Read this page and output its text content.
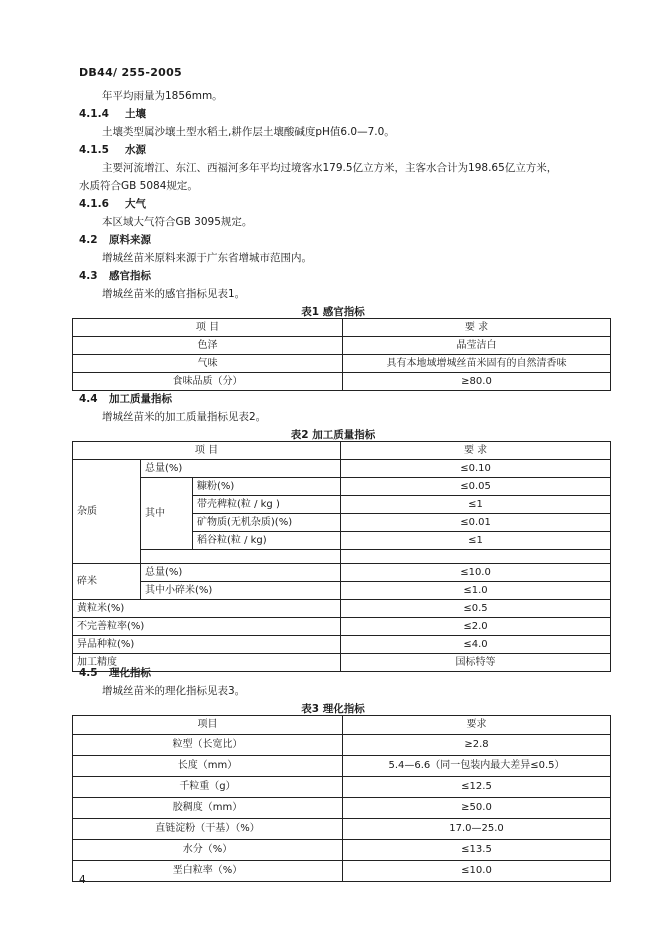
DB44/ 255-2005
年平均雨量为1856mm。
4.1.4 土壤
土壤类型属沙壤土型水稻土,耕作层土壤酸碱度pH值6.0—7.0。
4.1.5 水源
主要河流增江、东江、西福河多年平均过境客水179.5亿立方米，主客水合计为198.65亿立方米，
水质符合GB 5084规定。
4.1.6 大气
本区域大气符合GB 3095规定。
4.2 原料来源
增城丝苗米原料来源于广东省增城市范围内。
4.3 感官指标
增城丝苗米的感官指标见表1。
表1 感官指标
项 目	要 求
色泽	晶莹洁白
气味	具有本地域增城丝苗米固有的自然清香味
食味品质（分）	≥80.0
4.4 加工质量指标
增城丝苗米的加工质量指标见表2。
表2 加工质量指标
项 目			要 求
杂质	总量(%)		≤0.10
	其中	糠粉(%)	≤0.05
		带壳稗粒(粒 / kg )	≤1
		矿物质(无机杂质)(%)	≤0.01
		稻谷粒(粒 / kg)	≤1

碎米	总量(%)		≤10.0
	其中小碎米(%)		≤1.0
黄粒米(%)			≤0.5
不完善粒率(%)			≤2.0
异品种粒(%)			≤4.0
加工精度			国标特等
4.5 理化指标
增城丝苗米的理化指标见表3。
表3 理化指标
项目	要求
粒型（长宽比）	≥2.8
长度（mm）	5.4—6.6（同一包装内最大差异≤0.5）
千粒重（g）	≤12.5
胶稠度（mm）	≥50.0
直链淀粉（干基）（%）	17.0—25.0
水分（%）	≤13.5
垩白粒率（%）	≤10.0
4
